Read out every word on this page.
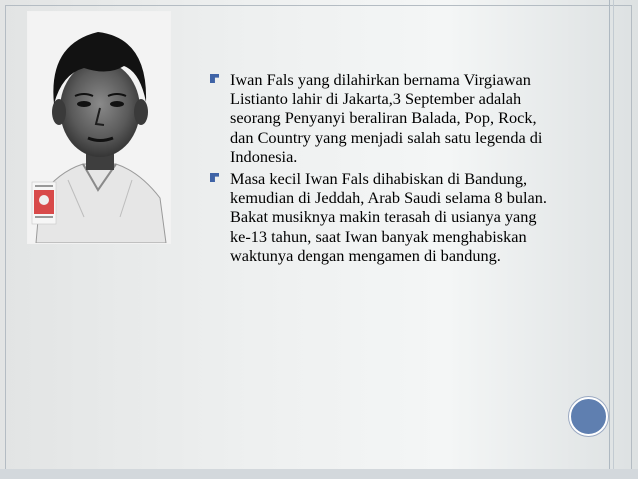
Iwan Fals yang dilahirkan bernama Virgiawan Listianto lahir di Jakarta,3 September adalah seorang Penyanyi beraliran Balada, Pop, Rock, dan Country yang menjadi salah satu legenda di Indonesia.
Masa kecil Iwan Fals dihabiskan di Bandung, kemudian di Jeddah, Arab Saudi selama 8 bulan. Bakat musiknya makin terasah di usianya yang ke-13 tahun, saat Iwan banyak menghabiskan waktunya dengan mengamen di bandung.
